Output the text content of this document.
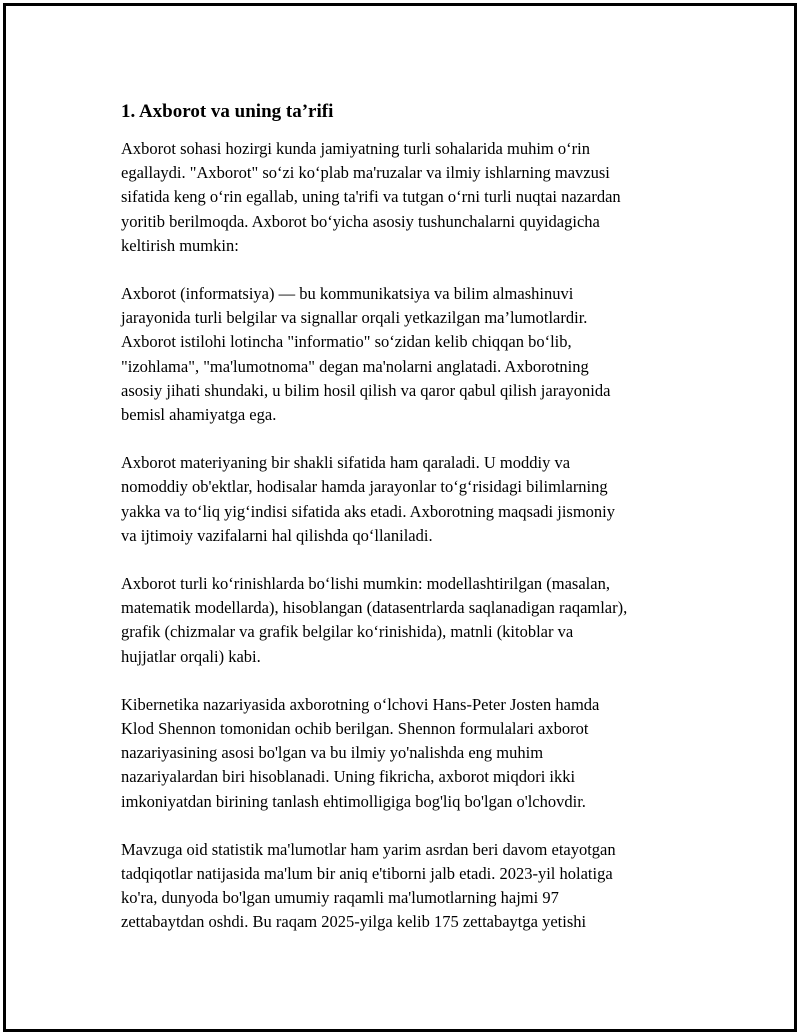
1. Axborot va uning ta’rifi

Axborot sohasi hozirgi kunda jamiyatning turli sohalarida muhim o‘rin
egallaydi. "Axborot" so‘zi ko‘plab ma'ruzalar va ilmiy ishlarning mavzusi
sifatida keng o‘rin egallab, uning ta'rifi va tutgan o‘rni turli nuqtai nazardan
yoritib berilmoqda. Axborot bo‘yicha asosiy tushunchalarni quyidagicha
keltirish mumkin:

Axborot (informatsiya) — bu kommunikatsiya va bilim almashinuvi
jarayonida turli belgilar va signallar orqali yetkazilgan ma’lumotlardir.
Axborot istilohi lotincha "informatio" so‘zidan kelib chiqqan bo‘lib,
"izohlama", "ma'lumotnoma" degan ma'nolarni anglatadi. Axborotning
asosiy jihati shundaki, u bilim hosil qilish va qaror qabul qilish jarayonida
bemisl ahamiyatga ega.

Axborot materiyaning bir shakli sifatida ham qaraladi. U moddiy va
nomoddiy ob'ektlar, hodisalar hamda jarayonlar to‘g‘risidagi bilimlarning
yakka va to‘liq yig‘indisi sifatida aks etadi. Axborotning maqsadi jismoniy
va ijtimoiy vazifalarni hal qilishda qo‘llaniladi.

Axborot turli ko‘rinishlarda bo‘lishi mumkin: modellashtirilgan (masalan,
matematik modellarda), hisoblangan (datasentrlarda saqlanadigan raqamlar),
grafik (chizmalar va grafik belgilar ko‘rinishida), matnli (kitoblar va
hujjatlar orqali) kabi.

Kibernetika nazariyasida axborotning o‘lchovi Hans-Peter Josten hamda
Klod Shennon tomonidan ochib berilgan. Shennon formulalari axborot
nazariyasining asosi bo'lgan va bu ilmiy yo'nalishda eng muhim
nazariyalardan biri hisoblanadi. Uning fikricha, axborot miqdori ikki
imkoniyatdan birining tanlash ehtimolligiga bog'liq bo'lgan o'lchovdir.

Mavzuga oid statistik ma'lumotlar ham yarim asrdan beri davom etayotgan
tadqiqotlar natijasida ma'lum bir aniq e'tiborni jalb etadi. 2023-yil holatiga
ko'ra, dunyoda bo'lgan umumiy raqamli ma'lumotlarning hajmi 97
zettabaytdan oshdi. Bu raqam 2025-yilga kelib 175 zettabaytga yetishi
